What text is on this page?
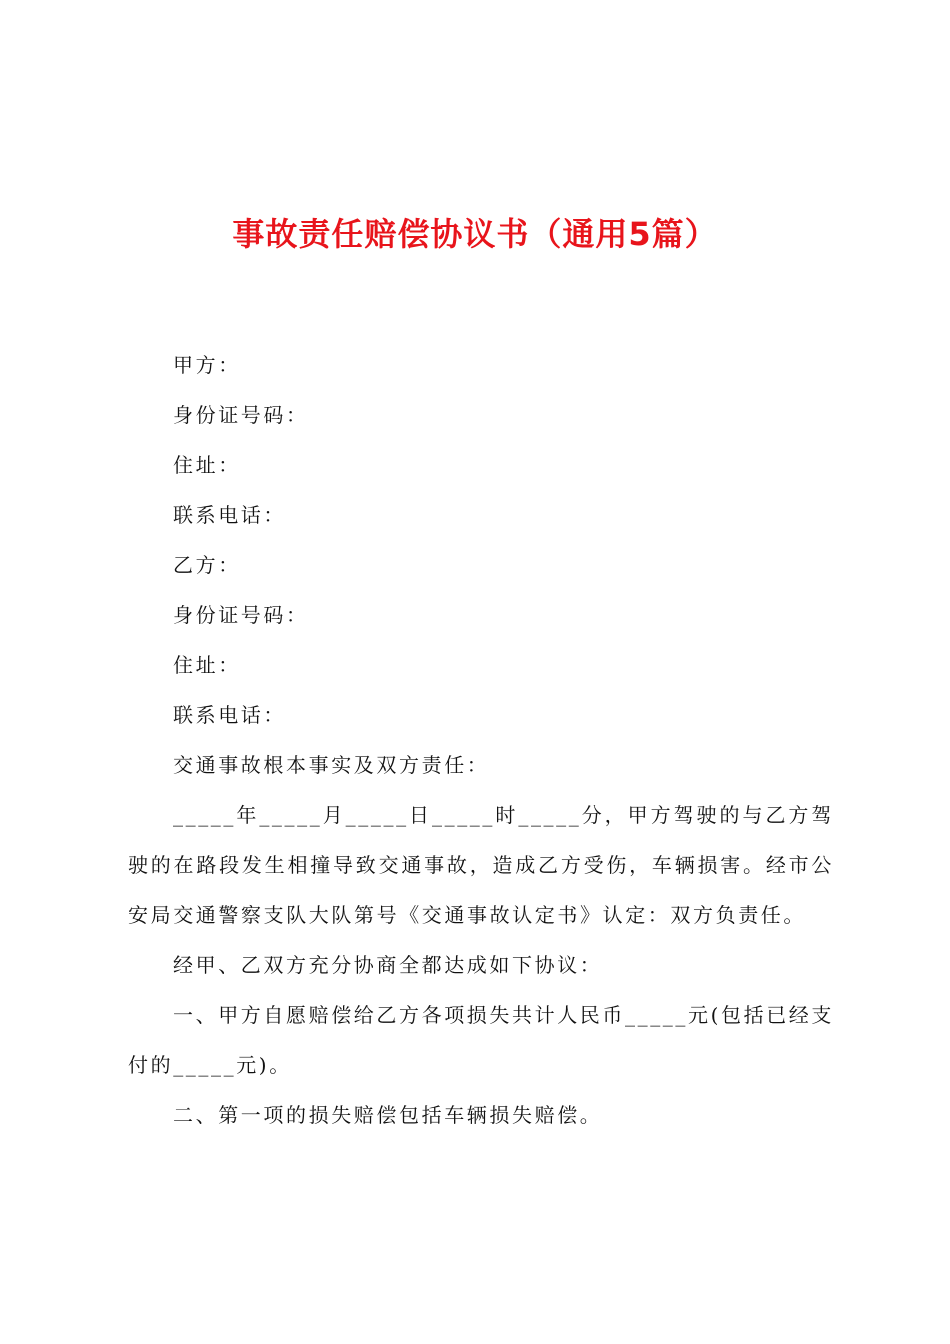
事故责任赔偿协议书（通用5篇）

甲方：

身份证号码：

住址：

联系电话：

乙方：

身份证号码：

住址：

联系电话：

交通事故根本事实及双方责任：

_____年_____月_____日_____时_____分，甲方驾驶的与乙方驾驶的在路段发生相撞导致交通事故，造成乙方受伤，车辆损害。经市公安局交通警察支队大队第号《交通事故认定书》认定：双方负责任。

经甲、乙双方充分协商全都达成如下协议：

一、甲方自愿赔偿给乙方各项损失共计人民币_____元(包括已经支付的_____元)。

二、第一项的损失赔偿包括车辆损失赔偿。
